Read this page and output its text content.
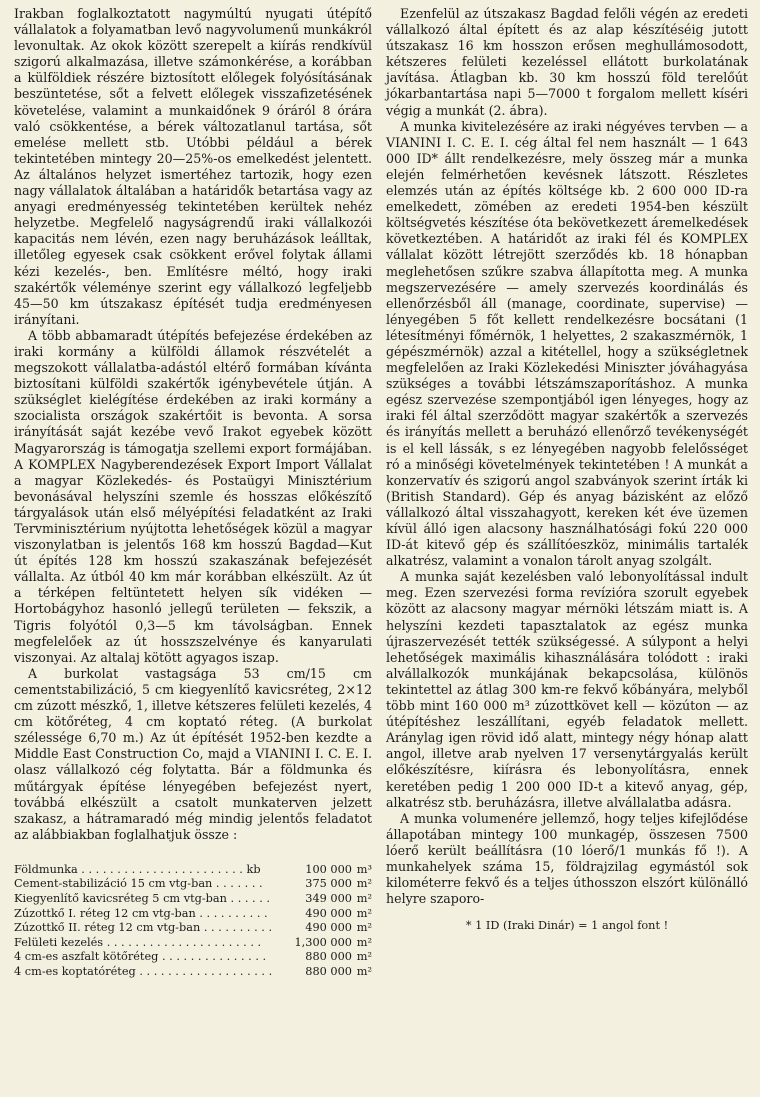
Irakban foglalkoztatott nagymúltú nyugati útépítő vállalatok a folyamatban levő nagyvolumenű munkákról levonultak. Az okok között szerepelt a kiírás rendkívül szigorú alkalmazása, illetve számonkérése, a korábban a külföldiek részére biztosított előlegek folyósításának beszüntetése, sőt a felvett előlegek visszafizetésének követelése, valamint a munkaidőnek 9 óráról 8 órára való csökkentése, a bérek változatlanul tartása, sőt emelése mellett stb. Utóbbi például a bérek tekintetében mintegy 20—25%-os emelkedést jelentett. Az általános helyzet ismertéhez tartozik, hogy ezen nagy vállalatok általában a határidők betartása vagy az anyagi eredményesség tekintetében kerültek nehéz helyzetbe. Megfelelő nagyságrendű iraki vállalkozói kapacitás nem lévén, ezen nagy beruházások leálltak, illetőleg egyesek csak csökkent erővel folytak állami kézi kezelés-, ben. Említésre méltó, hogy iraki szakértők véleménye szerint egy vállalkozó legfeljebb 45—50 km útszakasz építését tudja eredményesen irányítani.

A több abbamaradt útépítés befejezése érdekében az iraki kormány a külföldi államok részvételét a megszokott vállalatba-adástól eltérő formában kívánta biztosítani külföldi szakértők igénybevétele útján. A szükséglet kielégítése érdekében az iraki kormány a szocialista országok szakértőit is bevonta. A sorsa irányítását saját kezébe vevő Irakot egyebek között Magyarország is támogatja szellemi export formájában. A KOMPLEX Nagyberendezések Export Import Vállalat a magyar Közlekedés- és Postaügyi Minisztérium bevonásával helyszíni szemle és hosszas előkészítő tárgyalások után első mélyépítési feladatként az Iraki Tervminisztérium nyújtotta lehetőségek közül a magyar viszonylatban is jelentős 168 km hosszú Bagdad—Kut út építés 128 km hosszú szakaszának befejezését vállalta. Az útból 40 km már korábban elkészült. Az út a térképen feltüntetett helyen sík vidéken — Hortobágyhoz hasonló jellegű területen — fekszik, a Tigris folyótól 0,3—5 km távolságban. Ennek megfelelőek az út hosszszelvénye és kanyarulati viszonyai. Az altalaj kötött agyagos iszap.

A burkolat vastagsága 53 cm/15 cm cementstabilizáció, 5 cm kiegyenlítő kavicsréteg, 2×12 cm zúzott mészkő, 1, illetve kétszeres felületi kezelés, 4 cm kötőréteg, 4 cm koptató réteg. (A burkolat szélessége 6,70 m.) Az út építését 1952-ben kezdte a Middle East Construction Co, majd a VIANINI I. C. E. I. olasz vállalkozó cég folytatta. Bár a földmunka és műtárgyak építése lényegében befejezést nyert, továbbá elkészült a csatolt munkaterven jelzett szakasz, a hátramaradó még mindig jelentős feladatot az alábbiakban foglalhatjuk össze :

Földmunka . . . . . . . . . . . . . . . . . . . . . . . kb	100 000	m³
Cement-stabilizáció 15 cm vtg-ban . . . . . . .	375 000	m²
Kiegyenlítő kavicsréteg 5 cm vtg-ban . . . . . .	349 000	m²
Zúzottkő I. réteg 12 cm vtg-ban . . . . . . . . . .	490 000	m²
Zúzottkő II. réteg 12 cm vtg-ban . . . . . . . . . .	490 000	m²
Felületi kezelés . . . . . . . . . . . . . . . . . . . . . .	1,300 000	m²
4 cm-es aszfalt kötőréteg . . . . . . . . . . . . . . .	880 000	m²
4 cm-es koptatóréteg . . . . . . . . . . . . . . . . . . .	880 000	m²

Ezenfelül az útszakasz Bagdad felőli végén az eredeti vállalkozó által épített és az alap készítéséig jutott útszakasz 16 km hosszon erősen meghullámosodott, kétszeres felületi kezeléssel ellátott burkolatának javítása. Átlagban kb. 30 km hosszú föld terelőút jókarbantartása napi 5—7000 t forgalom mellett kíséri végig a munkát (2. ábra).

A munka kivitelezésére az iraki négyéves tervben — a VIANINI I. C. E. I. cég által fel nem használt — 1 643 000 ID* állt rendelkezésre, mely összeg már a munka elején felmérhetően kevésnek látszott. Részletes elemzés után az építés költsége kb. 2 600 000 ID-ra emelkedett, zömében az eredeti 1954-ben készült költségvetés készítése óta bekövetkezett áremelkedések következtében. A határidőt az iraki fél és KOMPLEX vállalat között létrejött szerződés kb. 18 hónapban meglehetősen szűkre szabva állapította meg. A munka megszervezésére — amely szervezés koordinálás és ellenőrzésből áll (manage, coordinate, supervise) — lényegében 5 főt kellett rendelkezésre bocsátani (1 létesítményi főmérnök, 1 helyettes, 2 szakaszmérnök, 1 gépészmérnök) azzal a kitétellel, hogy a szükségletnek megfelelően az Iraki Közlekedési Miniszter jóváhagyása szükséges a további létszámszaporításhoz. A munka egész szervezése szempontjából igen lényeges, hogy az iraki fél által szerződött magyar szakértők a szervezés és irányítás mellett a beruházó ellenőrző tevékenységét is el kell lássák, s ez lényegében nagyobb felelősséget ró a minőségi követelmények tekintetében ! A munkát a konzervatív és szigorú angol szabványok szerint írták ki (British Standard). Gép és anyag bázisként az előző vállalkozó által visszahagyott, kereken két éve üzemen kívül álló igen alacsony használhatósági fokú 220 000 ID-át kitevő gép és szállítóeszköz, minimális tartalék alkatrész, valamint a vonalon tárolt anyag szolgált.

A munka saját kezelésben való lebonyolítással indult meg. Ezen szervezési forma revízióra szorult egyebek között az alacsony magyar mérnöki létszám miatt is. A helyszíni kezdeti tapasztalatok az egész munka újraszervezését tették szükségessé. A súlypont a helyi lehetőségek maximális kihasználására tolódott : iraki alvállalkozók munkájának bekapcsolása, különös tekintettel az átlag 300 km-re fekvő kőbányára, melyből több mint 160 000 m³ zúzottkövet kell — közúton — az útépítéshez leszállítani, egyéb feladatok mellett. Aránylag igen rövid idő alatt, mintegy négy hónap alatt angol, illetve arab nyelven 17 versenytárgyalás került előkészítésre, kiírásra és lebonyolításra, ennek keretében pedig 1 200 000 ID-t a kitevő anyag, gép, alkatrész stb. beruházásra, illetve alvállalatba adásra.

A munka volumenére jellemző, hogy teljes kifejlődése állapotában mintegy 100 munkagép, összesen 7500 lóerő került beállításra (10 lóerő/1 munkás fő !). A munkahelyek száma 15, földrajzilag egymástól sok kilométerre fekvő és a teljes úthosszon elszórt különálló helyre szaporo-

* 1 ID (Iraki Dinár) = 1 angol font !
